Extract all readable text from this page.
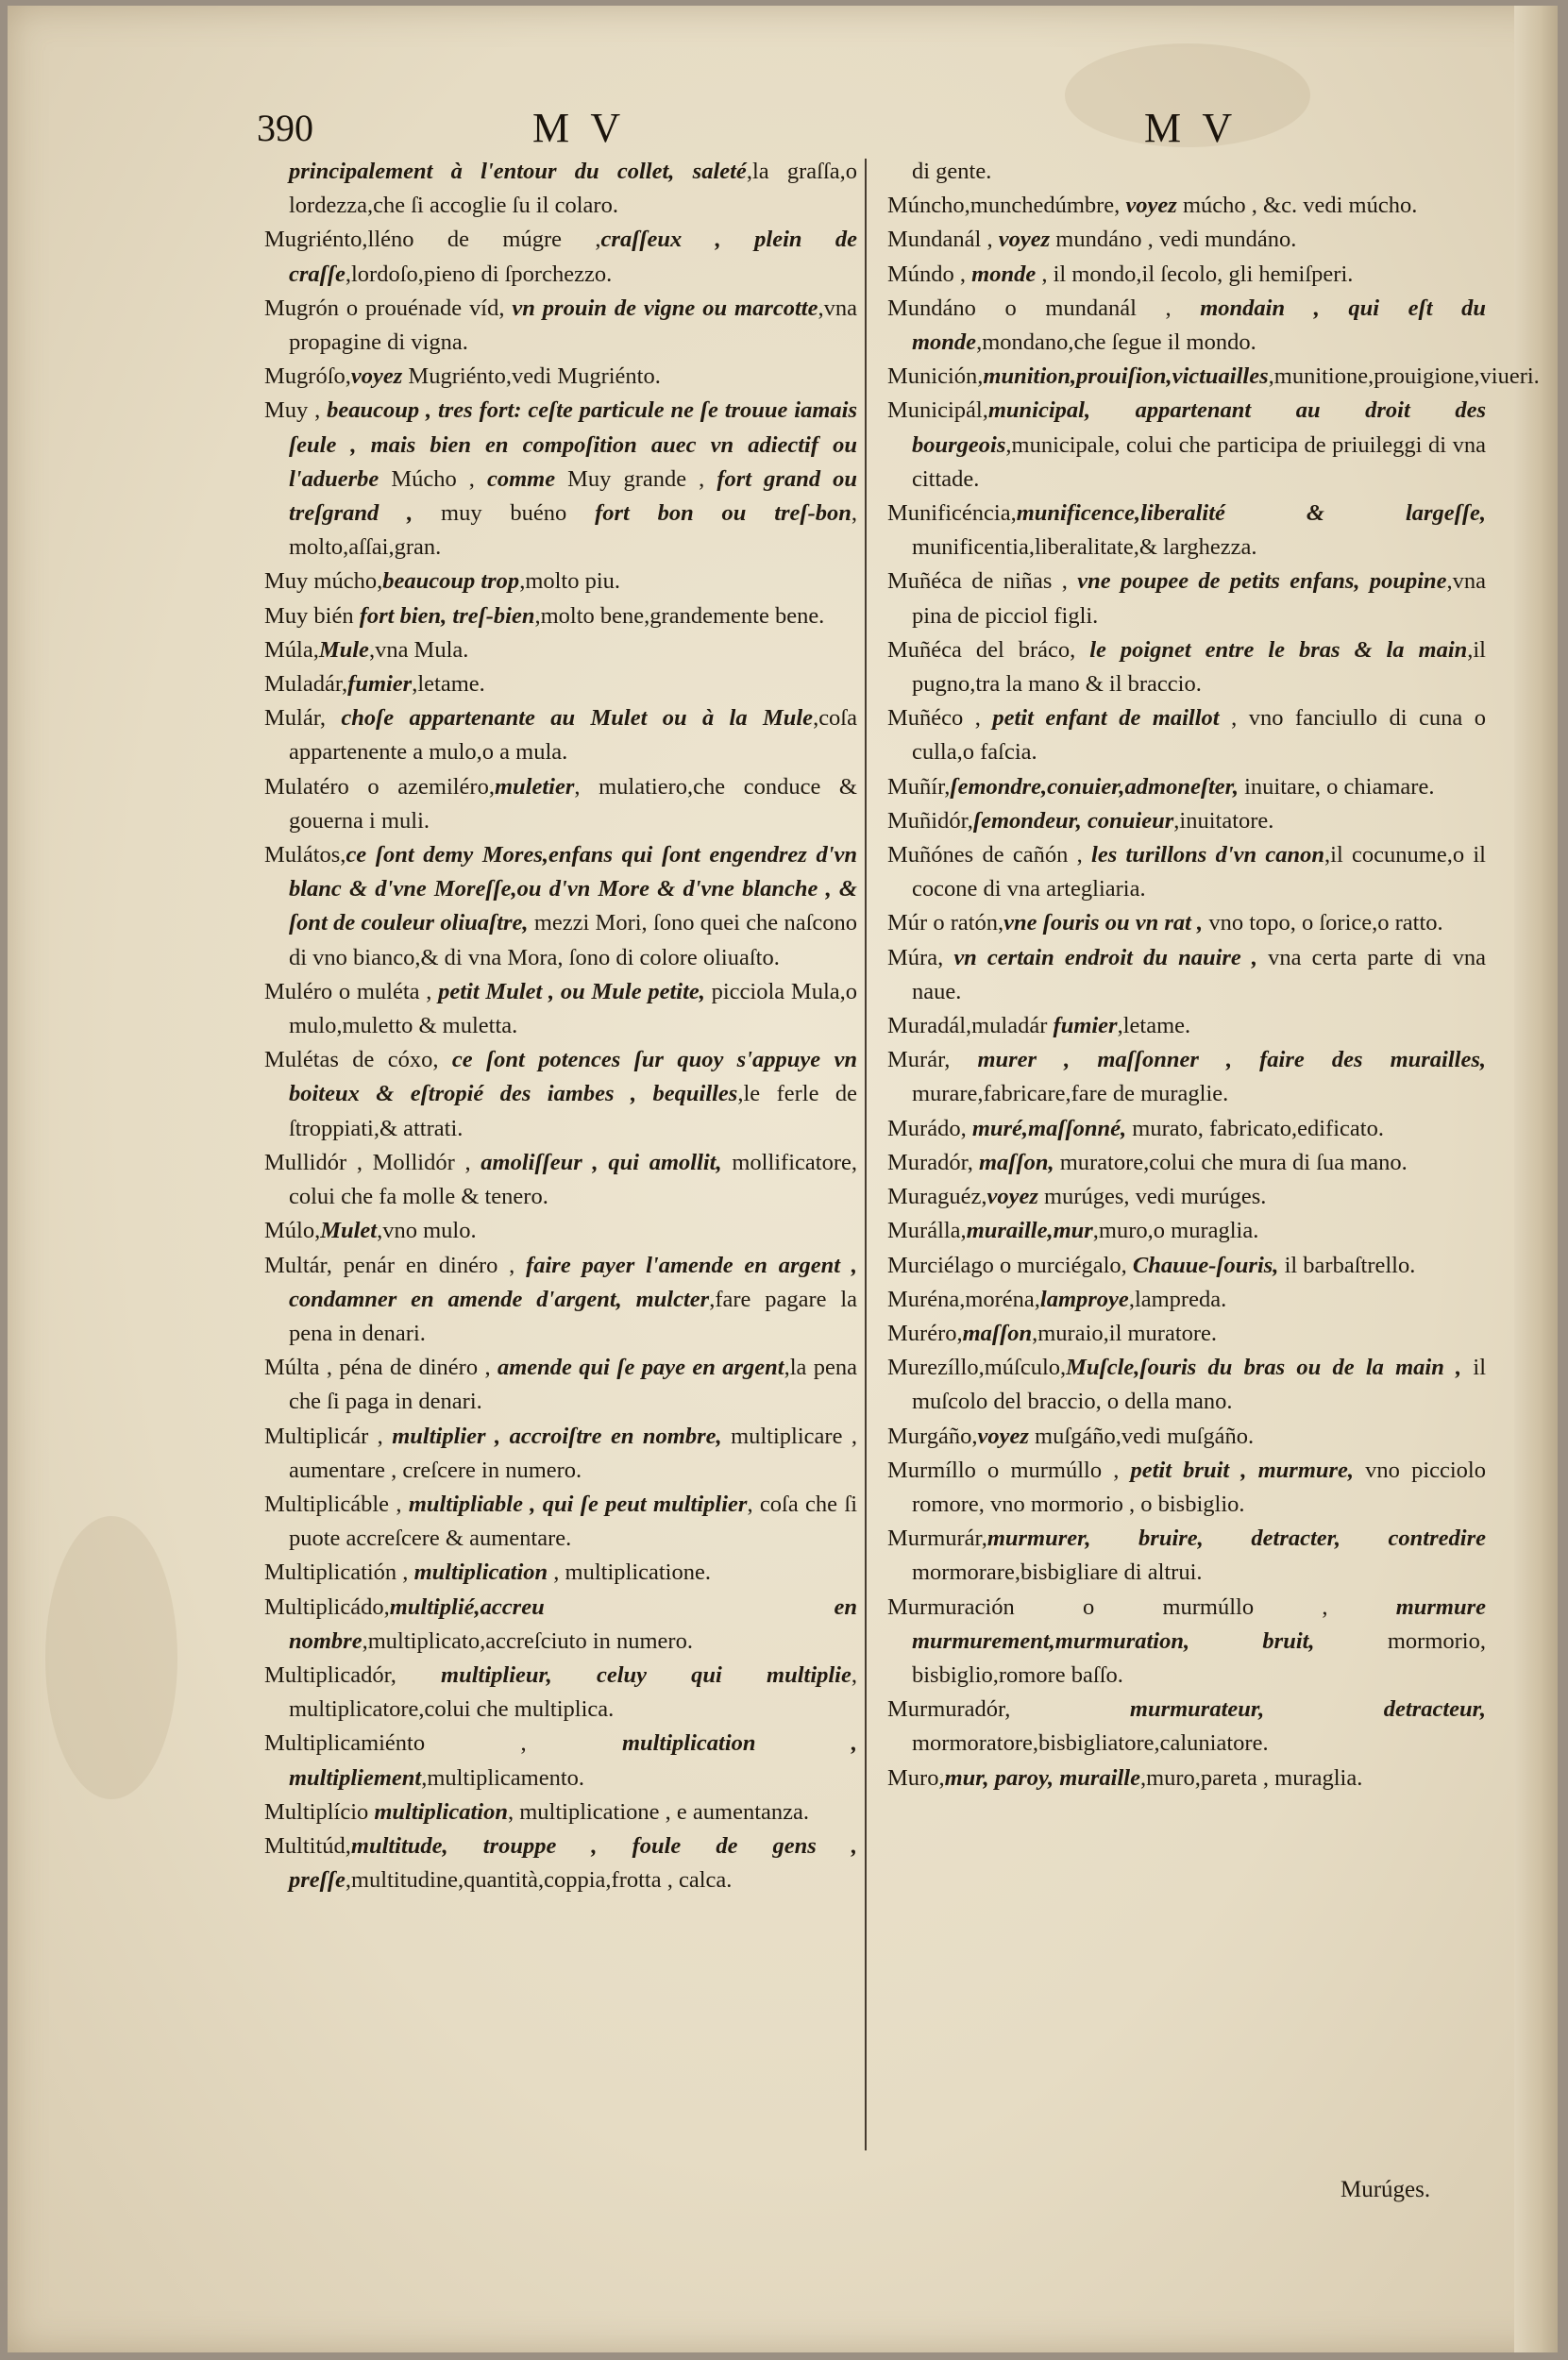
390	M V	M V

principalement à l'entour du collet, saleté,la graſſa,o lordezza,che ſi accoglie ſu il colaro.

Mugriénto,lléno de múgre ,craſſeux , plein de craſſe,lordoſo,pieno di ſporchezzo.

Mugrón o prouénade víd, vn prouin de vigne ou marcotte,vna propagine di vigna.

Mugróſo,voyez Mugriénto,vedi Mugriénto.

Muy , beaucoup , tres fort: ceſte particule ne ſe trouue iamais ſeule , mais bien en compoſition auec vn adiectif ou l'aduerbe Múcho , comme Muy grande , fort grand ou treſgrand , muy buéno fort bon ou treſ-bon, molto,aſſai,gran.

Muy múcho,beaucoup trop,molto piu.

Muy bién fort bien, treſ-bien,molto bene,grandemente bene.

Múla,Mule,vna Mula.

Muladár,fumier,letame.

Mulár, choſe appartenante au Mulet ou à la Mule,coſa appartenente a mulo,o a mula.

Mulatéro o azemiléro,muletier, mulatiero,che conduce & gouerna i muli.

Mulátos,ce ſont demy Mores,enfans qui ſont engendrez d'vn blanc & d'vne Moreſſe,ou d'vn More & d'vne blanche , & ſont de couleur oliuaſtre, mezzi Mori, ſono quei che naſcono di vno bianco,& di vna Mora, ſono di colore oliuaſto.

Muléro o muléta , petit Mulet , ou Mule petite, picciola Mula,o mulo,muletto & muletta.

Mulétas de cóxo, ce ſont potences ſur quoy s'appuye vn boiteux & eſtropié des iambes , bequilles,le ferle de ſtroppiati,& attrati.

Mullidór , Mollidór , amoliſſeur , qui amollit, mollificatore, colui che fa molle & tenero.

Múlo,Mulet,vno mulo.

Multár, penár en dinéro , faire payer l'amende en argent , condamner en amende d'argent, mulcter,fare pagare la pena in denari.

Múlta , péna de dinéro , amende qui ſe paye en argent,la pena che ſi paga in denari.

Multiplicár , multiplier , accroiſtre en nombre, multiplicare , aumentare , creſcere in numero.

Multiplicáble , multipliable , qui ſe peut multiplier, coſa che ſi puote accreſcere & aumentare.

Multiplicatión , multiplication , multiplicatione.

Multiplicádo,multiplié,accreu en nombre,multiplicato,accreſciuto in numero.

Multiplicadór, multiplieur, celuy qui multiplie, multiplicatore,colui che multiplica.

Multiplicamiénto , multiplication , multipliement,multiplicamento.

Multiplício multiplication, multiplicatione , e aumentanza.

Multitúd,multitude, trouppe , foule de gens , preſſe,multitudine,quantità,coppia,frotta , calca.

di gente.

Múncho,munchedúmbre, voyez múcho , &c. vedi múcho.

Mundanál , voyez mundáno , vedi mundáno.

Múndo , monde , il mondo,il ſecolo, gli hemiſperi.

Mundáno o mundanál , mondain , qui eſt du monde,mondano,che ſegue il mondo.

Munición,munition,prouiſion,victuailles,munitione,prouigione,viueri.

Municipál,municipal, appartenant au droit des bourgeois,municipale, colui che participa de priuileggi di vna cittade.

Munificéncia,munificence,liberalité & largeſſe, munificentia,liberalitate,& larghezza.

Muñéca de niñas , vne poupee de petits enfans, poupine,vna pina de picciol figli.

Muñéca del bráco, le poignet entre le bras & la main,il pugno,tra la mano & il braccio.

Muñéco , petit enfant de maillot , vno fanciullo di cuna o culla,o faſcia.

Muñír,ſemondre,conuier,admoneſter, inuitare, o chiamare.

Muñidór,ſemondeur, conuieur,inuitatore.

Muñónes de cañón , les turillons d'vn canon,il cocunume,o il cocone di vna artegliaria.

Múr o ratón,vne ſouris ou vn rat , vno topo, o ſorice,o ratto.

Múra, vn certain endroit du nauire , vna certa parte di vna naue.

Muradál,muladár fumier,letame.

Murár, murer , maſſonner , faire des murailles, murare,fabricare,fare de muraglie.

Murádo, muré,maſſonné, murato, fabricato,edificato.

Muradór, maſſon, muratore,colui che mura di ſua mano.

Muraguéz,voyez murúges, vedi murúges.

Murálla,muraille,mur,muro,o muraglia.

Murciélago o murciégalo, Chauue-ſouris, il barbaſtrello.

Muréna,moréna,lamproye,lampreda.

Muréro,maſſon,muraio,il muratore.

Murezíllo,múſculo,Muſcle,ſouris du bras ou de la main , il muſcolo del braccio, o della mano.

Murgáño,voyez muſgáño,vedi muſgáño.

Murmíllo o murmúllo , petit bruit , murmure, vno picciolo romore, vno mormorio , o bisbiglio.

Murmurár,murmurer, bruire, detracter, contredire mormorare,bisbigliare di altrui.

Murmuración o murmúllo , murmure murmurement,murmuration, bruit, mormorio, bisbiglio,romore baſſo.

Murmuradór, murmurateur, detracteur, mormoratore,bisbigliatore,caluniatore.

Muro,mur, paroy, muraille,muro,pareta , muraglia.

Murúges.
